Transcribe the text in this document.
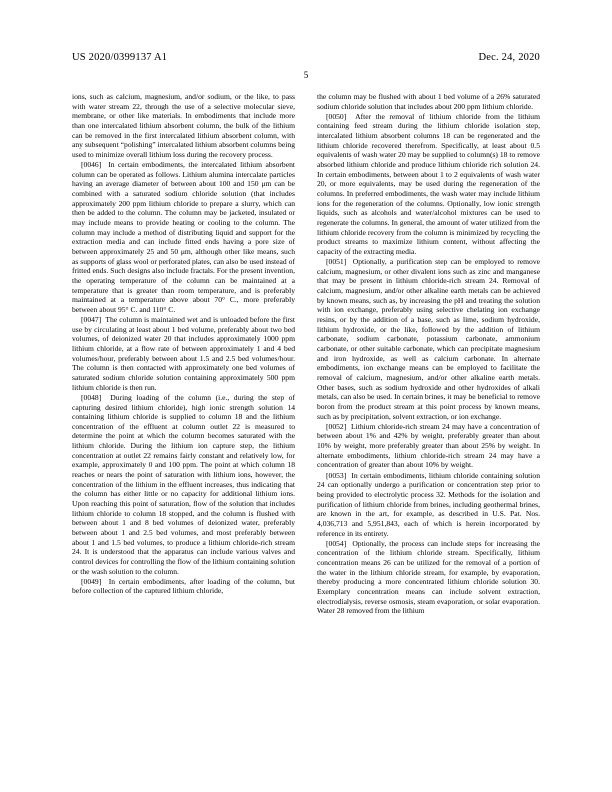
US 2020/0399137 A1	Dec. 24, 2020
5

ions, such as calcium, magnesium, and/or sodium, or the like, to pass with water stream 22, through the use of a selective molecular sieve, membrane, or other like materials. In embodiments that include more than one intercalated lithium absorbent column, the bulk of the lithium can be removed in the first intercalated lithium absorbent column, with any subsequent “polishing” intercalated lithium absorbent columns being used to minimize overall lithium loss during the recovery process.

[0046] In certain embodiments, the intercalated lithium absorbent column can be operated as follows. Lithium alumina intercalate particles having an average diameter of between about 100 and 150 μm can be combined with a saturated sodium chloride solution (that includes approximately 200 ppm lithium chloride to prepare a slurry, which can then be added to the column. The column may be jacketed, insulated or may include means to provide heating or cooling to the column. The column may include a method of distributing liquid and support for the extraction media and can include fitted ends having a pore size of between approximately 25 and 50 μm, although other like means, such as supports of glass wool or perforated plates, can also be used instead of fritted ends. Such designs also include fractals. For the present invention, the operating temperature of the column can be maintained at a temperature that is greater than room temperature, and is preferably maintained at a temperature above about 70° C., more preferably between about 95° C. and 110° C.

[0047] The column is maintained wet and is unloaded before the first use by circulating at least about 1 bed volume, preferably about two bed volumes, of deionized water 20 that includes approximately 1000 ppm lithium chloride, at a flow rate of between approximately 1 and 4 bed volumes/hour, preferably between about 1.5 and 2.5 bed volumes/hour. The column is then contacted with approximately one bed volumes of saturated sodium chloride solution containing approximately 500 ppm lithium chloride is then run.

[0048] During loading of the column (i.e., during the step of capturing desired lithium chloride), high ionic strength solution 14 containing lithium chloride is supplied to column 18 and the lithium concentration of the effluent at column outlet 22 is measured to determine the point at which the column becomes saturated with the lithium chloride. During the lithium ion capture step, the lithium concentration at outlet 22 remains fairly constant and relatively low, for example, approximately 0 and 100 ppm. The point at which column 18 reaches or nears the point of saturation with lithium ions, however, the concentration of the lithium in the effluent increases, thus indicating that the column has either little or no capacity for additional lithium ions. Upon reaching this point of saturation, flow of the solution that includes lithium chloride to column 18 stopped, and the column is flushed with between about 1 and 8 bed volumes of deionized water, preferably between about 1 and 2.5 bed volumes, and most preferably between about 1 and 1.5 bed volumes, to produce a lithium chloride-rich stream 24. It is understood that the apparatus can include various valves and control devices for controlling the flow of the lithium containing solution or the wash solution to the column.

[0049] In certain embodiments, after loading of the column, but before collection of the captured lithium chloride,

the column may be flushed with about 1 bed volume of a 26% saturated sodium chloride solution that includes about 200 ppm lithium chloride.

[0050] After the removal of lithium chloride from the lithium containing feed stream during the lithium chloride isolation step, intercalated lithium absorbent columns 18 can be regenerated and the lithium chloride recovered therefrom. Specifically, at least about 0.5 equivalents of wash water 20 may be supplied to column(s) 18 to remove absorbed lithium chloride and produce lithium chloride rich solution 24. In certain embodiments, between about 1 to 2 equivalents of wash water 20, or more equivalents, may be used during the regeneration of the columns. In preferred embodiments, the wash water may include lithium ions for the regeneration of the columns. Optionally, low ionic strength liquids, such as alcohols and water/alcohol mixtures can be used to regenerate the columns. In general, the amount of water utilized from the lithium chloride recovery from the column is minimized by recycling the product streams to maximize lithium content, without affecting the capacity of the extracting media.

[0051] Optionally, a purification step can be employed to remove calcium, magnesium, or other divalent ions such as zinc and manganese that may be present in lithium chloride-rich stream 24. Removal of calcium, magnesium, and/or other alkaline earth metals can be achieved by known means, such as, by increasing the pH and treating the solution with ion exchange, preferably using selective chelating ion exchange resins, or by the addition of a base, such as lime, sodium hydroxide, lithium hydroxide, or the like, followed by the addition of lithium carbonate, sodium carbonate, potassium carbonate, ammonium carbonate, or other suitable carbonate, which can precipitate magnesium and iron hydroxide, as well as calcium carbonate. In alternate embodiments, ion exchange means can be employed to facilitate the removal of calcium, magnesium, and/or other alkaline earth metals. Other bases, such as sodium hydroxide and other hydroxides of alkali metals, can also be used. In certain brines, it may be beneficial to remove boron from the product stream at this point process by known means, such as by precipitation, solvent extraction, or ion exchange.

[0052] Lithium chloride-rich stream 24 may have a concentration of between about 1% and 42% by weight, preferably greater than about 10% by weight, more preferably greater than about 25% by weight. In alternate embodiments, lithium chloride-rich stream 24 may have a concentration of greater than about 10% by weight.

[0053] In certain embodiments, lithium chloride containing solution 24 can optionally undergo a purification or concentration step prior to being provided to electrolytic process 32. Methods for the isolation and purification of lithium chloride from brines, including geothermal brines, are known in the art, for example, as described in U.S. Pat. Nos. 4,036,713 and 5,951,843, each of which is herein incorporated by reference in its entirety.

[0054] Optionally, the process can include steps for increasing the concentration of the lithium chloride stream. Specifically, lithium concentration means 26 can be utilized for the removal of a portion of the water in the lithium chloride stream, for example, by evaporation, thereby producing a more concentrated lithium chloride solution 30. Exemplary concentration means can include solvent extraction, electrodialysis, reverse osmosis, steam evaporation, or solar evaporation. Water 28 removed from the lithium
